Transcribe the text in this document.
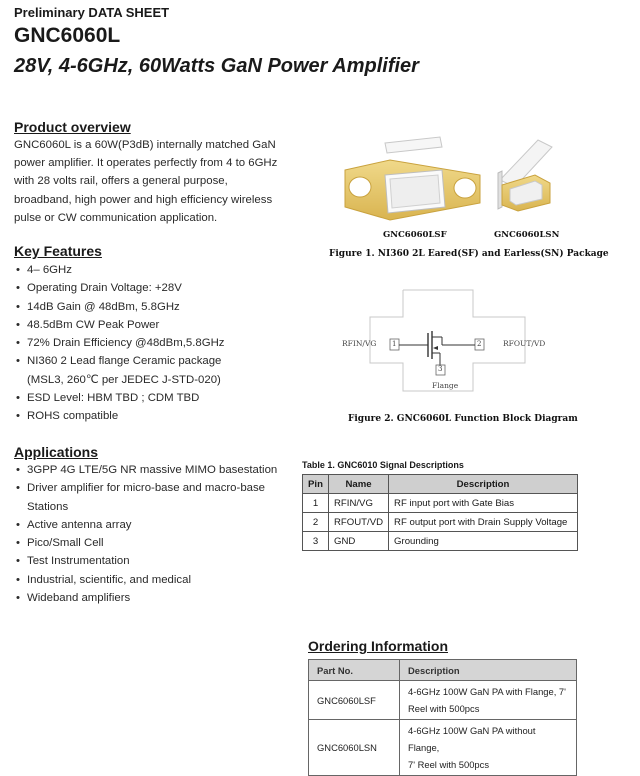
Preliminary DATA SHEET
GNC6060L
28V, 4-6GHz, 60Watts GaN Power Amplifier
Product overview
GNC6060L is a 60W(P3dB) internally matched GaN
power amplifier. It operates perfectly from 4 to 6GHz
with 28 volts rail, offers a general purpose,
broadband, high power and high efficiency wireless
pulse or CW communication application.
Key Features
• 4– 6GHz
• Operating Drain Voltage: +28V
• 14dB Gain @ 48dBm, 5.8GHz
• 48.5dBm CW Peak Power
• 72% Drain Efficiency @48dBm,5.8GHz
• NI360 2 Lead flange Ceramic package
(MSL3, 260℃ per JEDEC J-STD-020)
• ESD Level: HBM TBD ; CDM TBD
• ROHS compatible
Applications
• 3GPP 4G LTE/5G NR massive MIMO basestation
• Driver amplifier for micro-base and macro-base
Stations
• Active antenna array
• Pico/Small Cell
• Test Instrumentation
• Industrial, scientific, and medical
• Wideband amplifiers
GNC6060LSF	GNC6060LSN
Figure 1. NI360 2L Eared(SF) and Earless(SN) Package
RFIN/VG	RFOUT/VD
1	2
3
Flange
Figure 2. GNC6060L Function Block Diagram
Table 1. GNC6010 Signal Descriptions
Pin	Name	Description
1	RFIN/VG	RF input port with Gate Bias
2	RFOUT/VD	RF output port with Drain Supply Voltage
3	GND	Grounding
Ordering Information
Part No.	Description
GNC6060LSF	4-6GHz 100W GaN PA with Flange, 7'
Reel with 500pcs

GNC6060LSN	4-6GHz 100W GaN PA without Flange,
7' Reel with 500pcs
